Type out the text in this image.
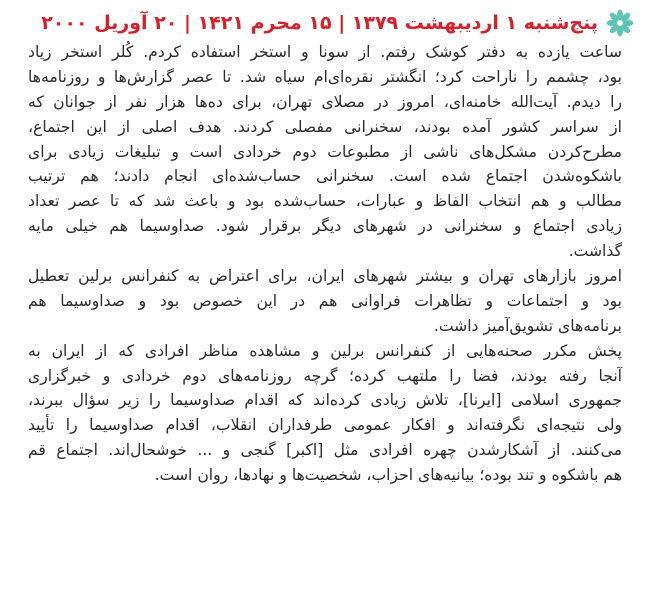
پنج‌شنبه ۱ اردیبهشت ۱۳۷۹ | ۱۵ محرم ۱۴۲۱ | ۲۰ آوریل ۲۰۰۰
ساعت یازده به دفتر کوشک رفتم. از سونا و استخر استفاده کردم. کُلر استخر زیاد
بود، چشمم را ناراحت کرد؛ انگشتر نقره‌ای‌ام سیاه شد. تا عصر گزارش‌ها و روزنامه‌ها
را دیدم. آیت‌الله خامنه‌ای، امروز در مصلای تهران، برای ده‌ها هزار نفر از جوانان که
از سراسر کشور آمده بودند، سخنرانی مفصلی کردند. هدف اصلی از این اجتماع،
مطرح‌کردن مشکل‌های ناشی از مطبوعات دوم خردادی است و تبلیغات زیادی برای
باشکوه‌شدن اجتماع شده است. سخنرانی حساب‌شده‌ای انجام دادند؛ هم ترتیب
مطالب و هم انتخاب الفاظ و عبارات، حساب‌شده بود و باعث شد که تا عصر تعداد
زیادی اجتماع و سخنرانی در شهرهای دیگر برقرار شود. صداوسیما هم خیلی مایه
گذاشت.
امروز بازارهای تهران و بیشتر شهرهای ایران، برای اعتراض به کنفرانس برلین تعطیل
بود و اجتماعات و تظاهرات فراوانی هم در این خصوص بود و صداوسیما هم
برنامه‌های تشویق‌آمیز داشت.
پخش مکرر صحنه‌هایی از کنفرانس برلین و مشاهده مناظر افرادی که از ایران به
آنجا رفته بودند، فضا را ملتهب کرده؛ گرچه روزنامه‌های دوم خردادی و خبرگزاری
جمهوری اسلامی [ایرنا]، تلاش زیادی کرده‌اند که اقدام صداوسیما را زیر سؤال ببرند،
ولی نتیجه‌ای نگرفته‌اند و افکار عمومی طرفداران انقلاب، اقدام صداوسیما را تأیید
می‌کنند. از آشکارشدن چهره افرادی مثل [اکبر] گنجی و ... خوشحال‌اند. اجتماع قم
هم باشکوه و تند بوده؛ بیانیه‌های احزاب، شخصیت‌ها و نهادها، روان است.
